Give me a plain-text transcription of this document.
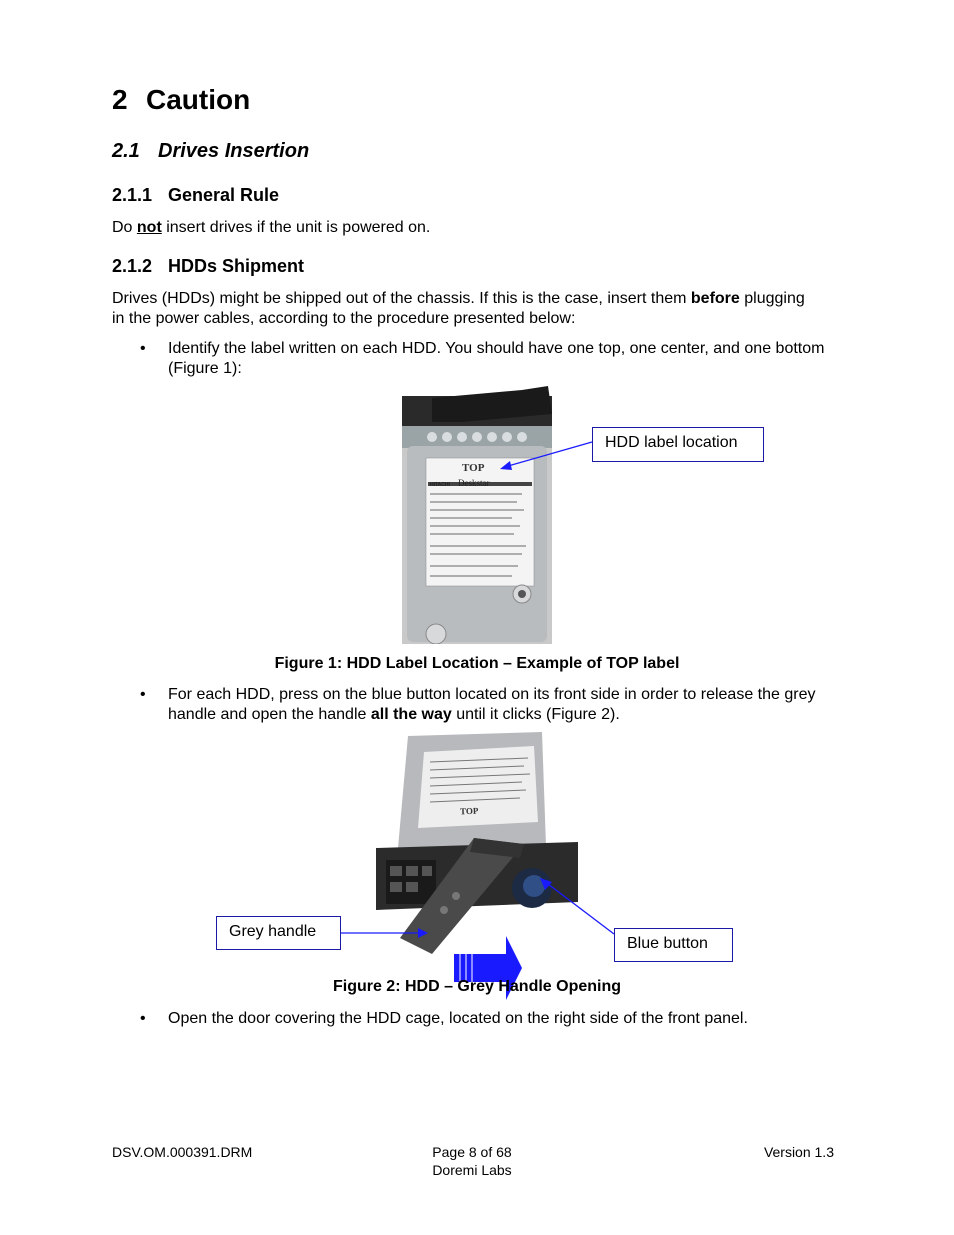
2 Caution
2.1 Drives Insertion
2.1.1 General Rule
Do not insert drives if the unit is powered on.
2.1.2 HDDs Shipment
Drives (HDDs) might be shipped out of the chassis. If this is the case, insert them before plugging in the power cables, according to the procedure presented below:
• Identify the label written on each HDD. You should have one top, one center, and one bottom (Figure 1):
TOP
HITACHI Deskstar
HDD label location
Figure 1: HDD Label Location – Example of TOP label
• For each HDD, press on the blue button located on its front side in order to release the grey handle and open the handle all the way until it clicks (Figure 2).
TOP
Grey handle
Blue button
Figure 2: HDD – Grey Handle Opening
• Open the door covering the HDD cage, located on the right side of the front panel.
DSV.OM.000391.DRM	Page 8 of 68
Doremi Labs
Version 1.3
